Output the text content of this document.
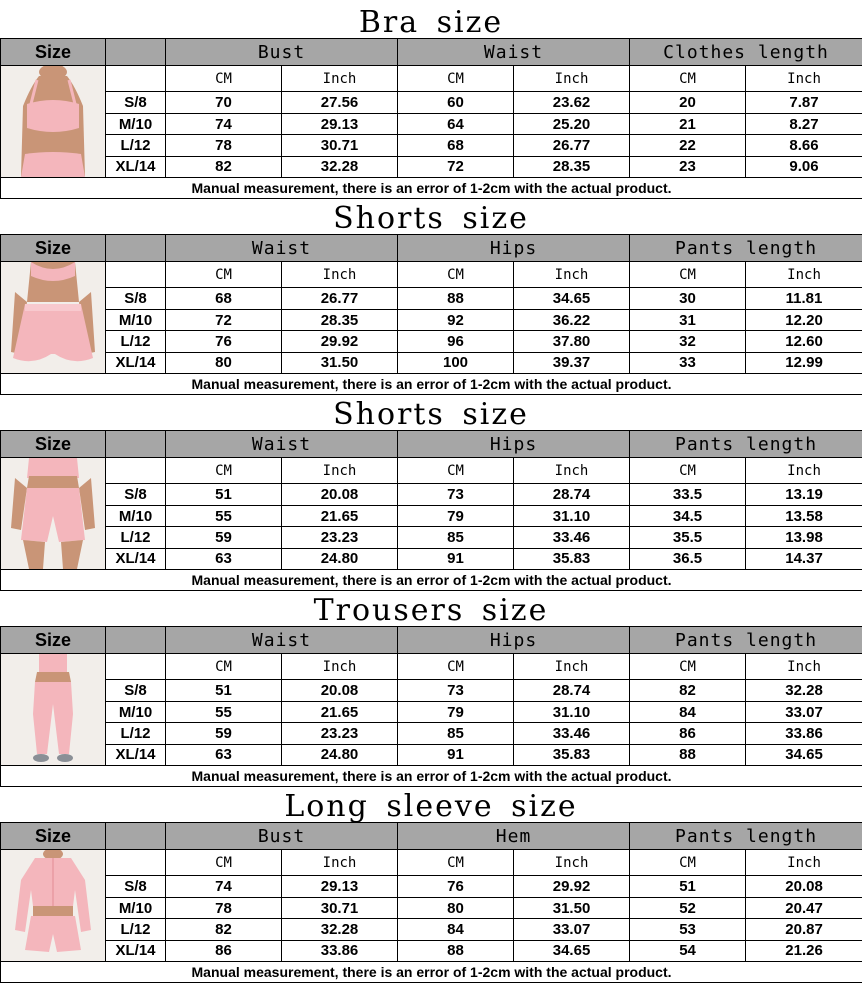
Bra size
Size		Bust		Waist		Clothes length	

		CM	Inch	CM	Inch	CM	Inch
	S/8	70	27.56	60	23.62	20	7.87
	M/10	74	29.13	64	25.20	21	8.27
	L/12	78	30.71	68	26.77	22	8.66
	XL/14	82	32.28	72	28.35	23	9.06
Manual measurement, there is an error of 1-2cm with the actual product.							
Shorts size
Size		Waist		Hips		Pants length	

		CM	Inch	CM	Inch	CM	Inch
	S/8	68	26.77	88	34.65	30	11.81
	M/10	72	28.35	92	36.22	31	12.20
	L/12	76	29.92	96	37.80	32	12.60
	XL/14	80	31.50	100	39.37	33	12.99
Manual measurement, there is an error of 1-2cm with the actual product.							
Shorts size
Size		Waist		Hips		Pants length	

		CM	Inch	CM	Inch	CM	Inch
	S/8	51	20.08	73	28.74	33.5	13.19
	M/10	55	21.65	79	31.10	34.5	13.58
	L/12	59	23.23	85	33.46	35.5	13.98
	XL/14	63	24.80	91	35.83	36.5	14.37
Manual measurement, there is an error of 1-2cm with the actual product.							
Trousers size
Size		Waist		Hips		Pants length	

		CM	Inch	CM	Inch	CM	Inch
	S/8	51	20.08	73	28.74	82	32.28
	M/10	55	21.65	79	31.10	84	33.07
	L/12	59	23.23	85	33.46	86	33.86
	XL/14	63	24.80	91	35.83	88	34.65
Manual measurement, there is an error of 1-2cm with the actual product.							
Long sleeve size
Size		Bust		Hem		Pants length	

		CM	Inch	CM	Inch	CM	Inch
	S/8	74	29.13	76	29.92	51	20.08
	M/10	78	30.71	80	31.50	52	20.47
	L/12	82	32.28	84	33.07	53	20.87
	XL/14	86	33.86	88	34.65	54	21.26
Manual measurement, there is an error of 1-2cm with the actual product.							
